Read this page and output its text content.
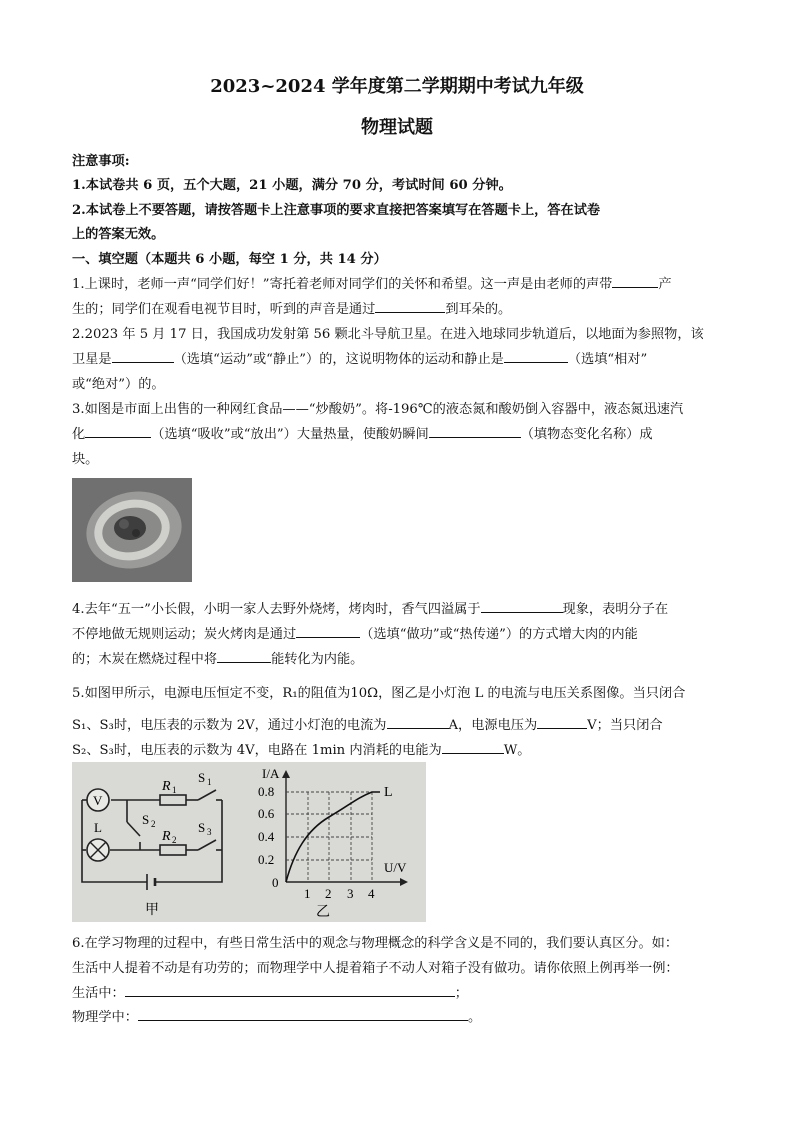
2023~2024 学年度第二学期期中考试九年级
物理试题
注意事项:
1.本试卷共 6 页，五个大题，21 小题，满分 70 分，考试时间 60 分钟。
2.本试卷上不要答题，请按答题卡上注意事项的要求直接把答案填写在答题卡上，答在试卷
上的答案无效。
一、填空题（本题共 6 小题，每空 1 分，共 14 分）
1.上课时，老师一声“同学们好！”寄托着老师对同学们的关怀和希望。这一声是由老师的声带	产
生的；同学们在观看电视节目时，听到的声音是通过	到耳朵的。
2.2023 年 5 月 17 日，我国成功发射第 56 颗北斗导航卫星。在进入地球同步轨道后，以地面为参照物，该
卫星是	（选填“运动”或“静止”）的，这说明物体的运动和静止是	（选填“相对”
或“绝对”）的。
3.如图是市面上出售的一种网红食品——“炒酸奶”。将-196℃的液态氮和酸奶倒入容器中，液态氮迅速汽
化	（选填“吸收”或“放出”）大量热量，使酸奶瞬间	（填物态变化名称）成
块。
4.去年“五一”小长假，小明一家人去野外烧烤，烤肉时，香气四溢属于	现象，表明分子在
不停地做无规则运动；炭火烤肉是通过	（选填“做功”或“热传递”）的方式增大肉的内能
的；木炭在燃烧过程中将	能转化为内能。
5.如图甲所示，电源电压恒定不变，R₁的阻值为10Ω，图乙是小灯泡 L 的电流与电压关系图像。当只闭合
S₁、S₃时，电压表的示数为 2V，通过小灯泡的电流为	A，电源电压为	V；当只闭合
S₂、S₃时，电压表的示数为 4V，电路在 1min 内消耗的电能为	W。
V
L
R 1
R 2
S 1
S 2	S 3
甲
L
I/A
U/V
0.8
0.6
0.4
0.2
0
1 2 3 4
乙
6.在学习物理的过程中，有些日常生活中的观念与物理概念的科学含义是不同的，我们要认真区分。如：
生活中人提着不动是有功劳的；而物理学中人提着箱子不动人对箱子没有做功。请你依照上例再举一例：
生活中：	；
物理学中：	。
